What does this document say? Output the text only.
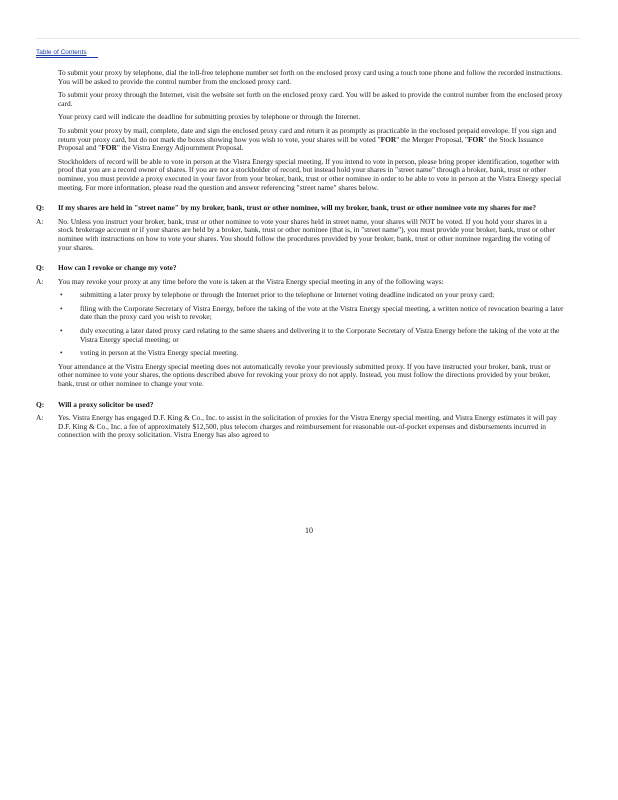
Table of Contents

To submit your proxy by telephone, dial the toll-free telephone number set forth on the enclosed proxy card using a touch tone phone and follow the recorded instructions. You will be asked to provide the control number from the enclosed proxy card.

To submit your proxy through the Internet, visit the website set forth on the enclosed proxy card. You will be asked to provide the control number from the enclosed proxy card.

Your proxy card will indicate the deadline for submitting proxies by telephone or through the Internet.

To submit your proxy by mail, complete, date and sign the enclosed proxy card and return it as promptly as practicable in the enclosed prepaid envelope. If you sign and return your proxy card, but do not mark the boxes showing how you wish to vote, your shares will be voted "FOR" the Merger Proposal, "FOR" the Stock Issuance Proposal and "FOR" the Vistra Energy Adjournment Proposal.

Stockholders of record will be able to vote in person at the Vistra Energy special meeting. If you intend to vote in person, please bring proper identification, together with proof that you are a record owner of shares. If you are not a stockholder of record, but instead hold your shares in "street name" through a broker, bank, trust or other nominee, you must provide a proxy executed in your favor from your broker, bank, trust or other nominee in order to be able to vote in person at the Vistra Energy special meeting. For more information, please read the question and answer referencing "street name" shares below.

Q:	If my shares are held in "street name" by my broker, bank, trust or other nominee, will my broker, bank, trust or other nominee vote my shares for me?
A:	No. Unless you instruct your broker, bank, trust or other nominee to vote your shares held in street name, your shares will NOT be voted. If you hold your shares in a stock brokerage account or if your shares are held by a broker, bank, trust or other nominee (that is, in "street name"), you must provide your broker, bank, trust or other nominee with instructions on how to vote your shares. You should follow the procedures provided by your broker, bank, trust or other nominee regarding the voting of your shares.
Q:	How can I revoke or change my vote?
A:	You may revoke your proxy at any time before the vote is taken at the Vistra Energy special meeting in any of the following ways:
•	submitting a later proxy by telephone or through the Internet prior to the telephone or Internet voting deadline indicated on your proxy card;
•	filing with the Corporate Secretary of Vistra Energy, before the taking of the vote at the Vistra Energy special meeting, a written notice of revocation bearing a later date than the proxy card you wish to revoke;
•	duly executing a later dated proxy card relating to the same shares and delivering it to the Corporate Secretary of Vistra Energy before the taking of the vote at the Vistra Energy special meeting; or
•	voting in person at the Vistra Energy special meeting.

Your attendance at the Vistra Energy special meeting does not automatically revoke your previously submitted proxy. If you have instructed your broker, bank, trust or other nominee to vote your shares, the options described above for revoking your proxy do not apply. Instead, you must follow the directions provided by your broker, bank, trust or other nominee to change your vote.

Q:	Will a proxy solicitor be used?
A:	Yes. Vistra Energy has engaged D.F. King & Co., Inc. to assist in the solicitation of proxies for the Vistra Energy special meeting, and Vistra Energy estimates it will pay D.F. King & Co., Inc. a fee of approximately $12,500, plus telecom charges and reimbursement for reasonable out-of-pocket expenses and disbursements incurred in connection with the proxy solicitation. Vistra Energy has also agreed to
10
